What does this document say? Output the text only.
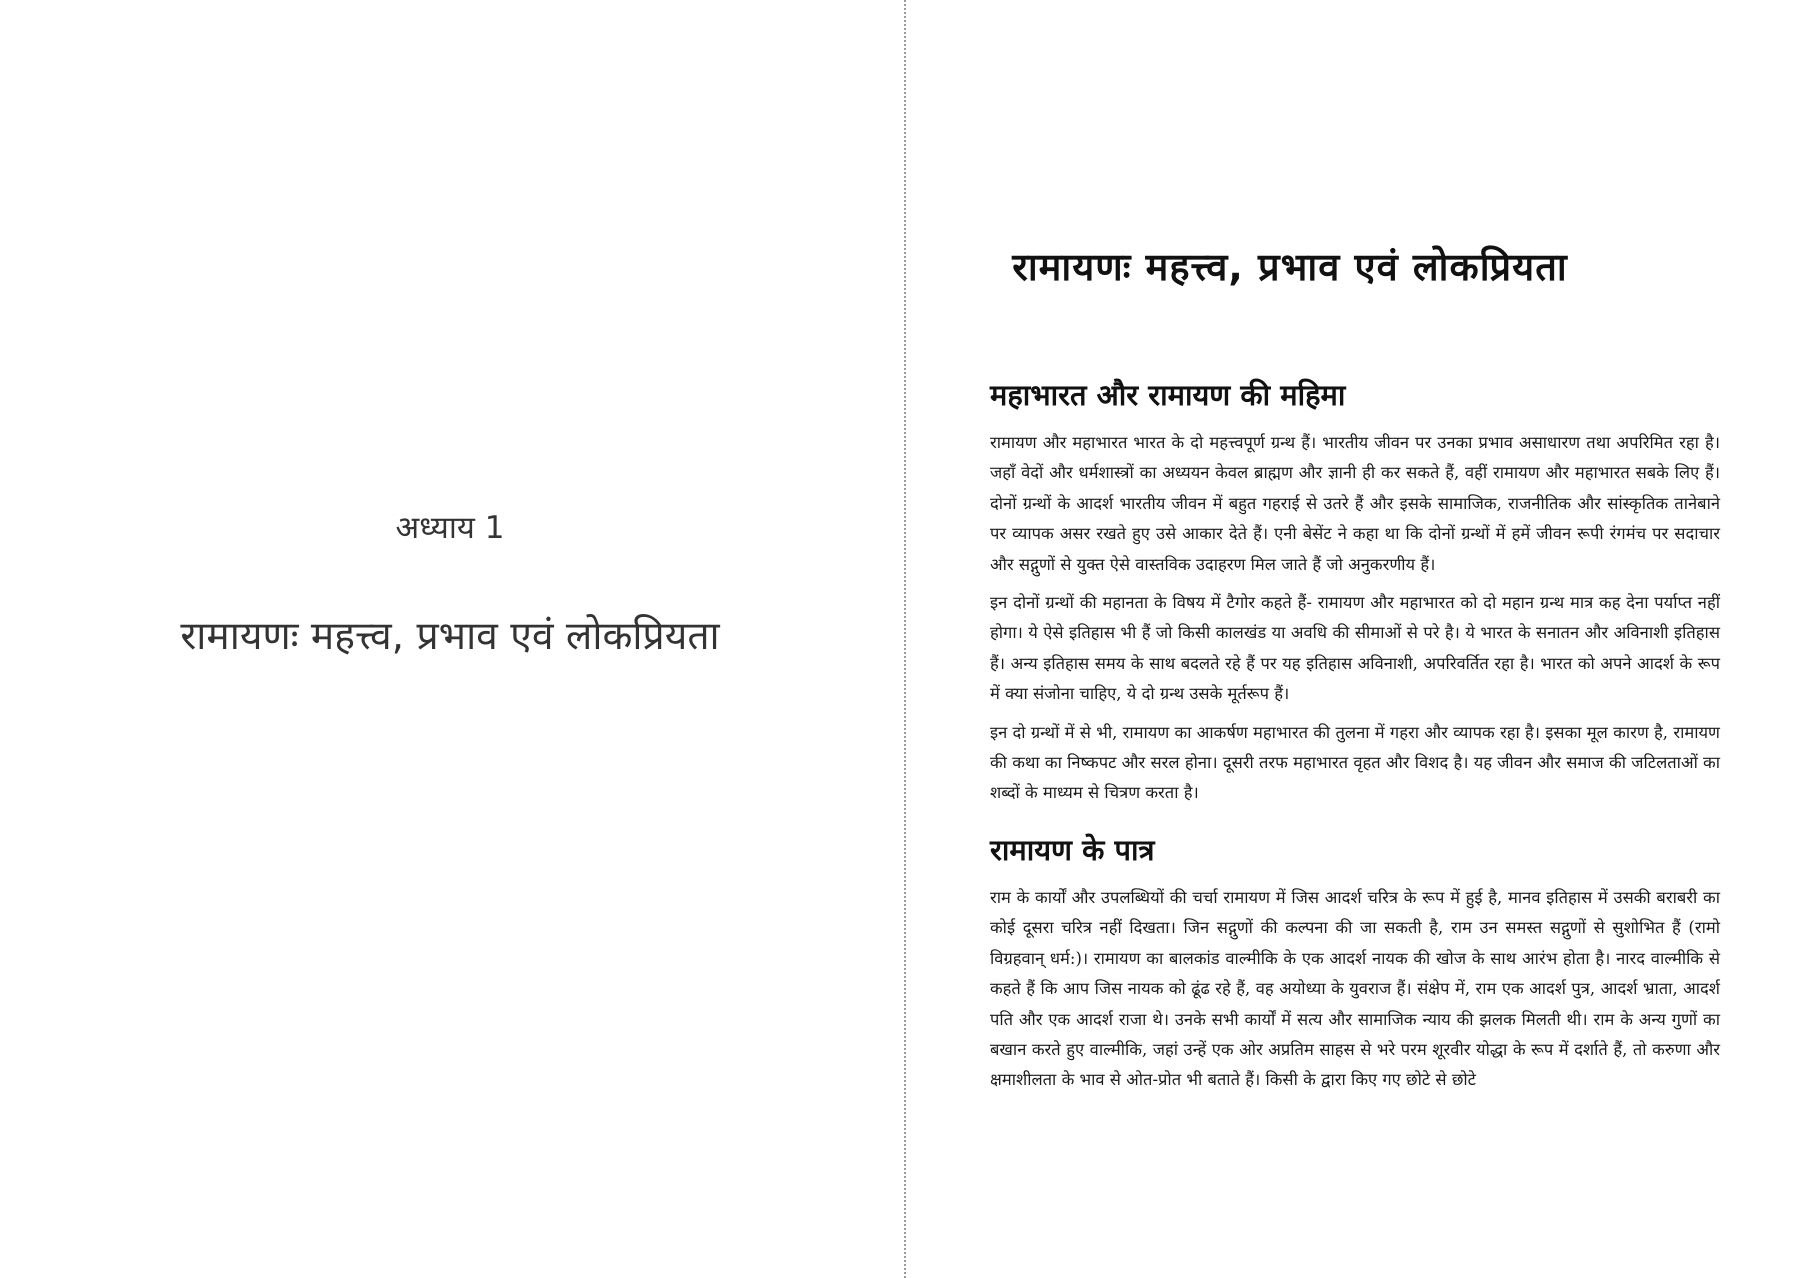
अध्याय 1

रामायणः महत्त्व, प्रभाव एवं लोकप्रियता
रामायणः महत्त्व, प्रभाव एवं लोकप्रियता
महाभारत और रामायण की महिमा

रामायण और महाभारत भारत के दो महत्त्वपूर्ण ग्रन्थ हैं। भारतीय जीवन पर उनका प्रभाव असाधारण तथा अपरिमित रहा है। जहाँ वेदों और धर्मशास्त्रों का अध्ययन केवल ब्राह्मण और ज्ञानी ही कर सकते हैं, वहीं रामायण और महाभारत सबके लिए हैं। दोनों ग्रन्थों के आदर्श भारतीय जीवन में बहुत गहराई से उतरे हैं और इसके सामाजिक, राजनीतिक और सांस्कृतिक तानेबाने पर व्यापक असर रखते हुए उसे आकार देते हैं। एनी बेसेंट ने कहा था कि दोनों ग्रन्थों में हमें जीवन रूपी रंगमंच पर सदाचार और सद्गुणों से युक्त ऐसे वास्तविक उदाहरण मिल जाते हैं जो अनुकरणीय हैं।

इन दोनों ग्रन्थों की महानता के विषय में टैगोर कहते हैं- रामायण और महाभारत को दो महान ग्रन्थ मात्र कह देना पर्याप्त नहीं होगा। ये ऐसे इतिहास भी हैं जो किसी कालखंड या अवधि की सीमाओं से परे है। ये भारत के सनातन और अविनाशी इतिहास हैं। अन्य इतिहास समय के साथ बदलते रहे हैं पर यह इतिहास अविनाशी, अपरिवर्तित रहा है। भारत को अपने आदर्श के रूप में क्या संजोना चाहिए, ये दो ग्रन्थ उसके मूर्तरूप हैं।

इन दो ग्रन्थों में से भी, रामायण का आकर्षण महाभारत की तुलना में गहरा और व्यापक रहा है। इसका मूल कारण है, रामायण की कथा का निष्कपट और सरल होना। दूसरी तरफ महाभारत वृहत और विशद है। यह जीवन और समाज की जटिलताओं का शब्दों के माध्यम से चित्रण करता है।

रामायण के पात्र

राम के कार्यों और उपलब्धियों की चर्चा रामायण में जिस आदर्श चरित्र के रूप में हुई है, मानव इतिहास में उसकी बराबरी का कोई दूसरा चरित्र नहीं दिखता। जिन सद्गुणों की कल्पना की जा सकती है, राम उन समस्त सद्गुणों से सुशोभित हैं (रामो विग्रहवान् धर्म:)। रामायण का बालकांड वाल्मीकि के एक आदर्श नायक की खोज के साथ आरंभ होता है। नारद वाल्मीकि से कहते हैं कि आप जिस नायक को ढूंढ रहे हैं, वह अयोध्या के युवराज हैं। संक्षेप में, राम एक आदर्श पुत्र, आदर्श भ्राता, आदर्श पति और एक आदर्श राजा थे। उनके सभी कार्यों में सत्य और सामाजिक न्याय की झलक मिलती थी। राम के अन्य गुणों का बखान करते हुए वाल्मीकि, जहां उन्हें एक ओर अप्रतिम साहस से भरे परम शूरवीर योद्धा के रूप में दर्शाते हैं, तो करुणा और क्षमाशीलता के भाव से ओत-प्रोत भी बताते हैं। किसी के द्वारा किए गए छोटे से छोटे
